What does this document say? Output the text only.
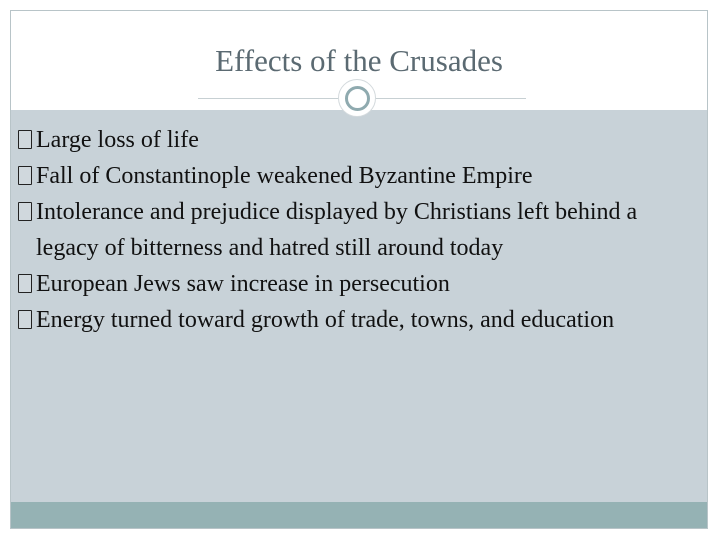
Effects of the Crusades
Large loss of life
Fall of Constantinople weakened Byzantine Empire
Intolerance and prejudice displayed by Christians left behind a legacy of bitterness and hatred still around today
European Jews saw increase in persecution
Energy turned toward growth of trade, towns, and education
